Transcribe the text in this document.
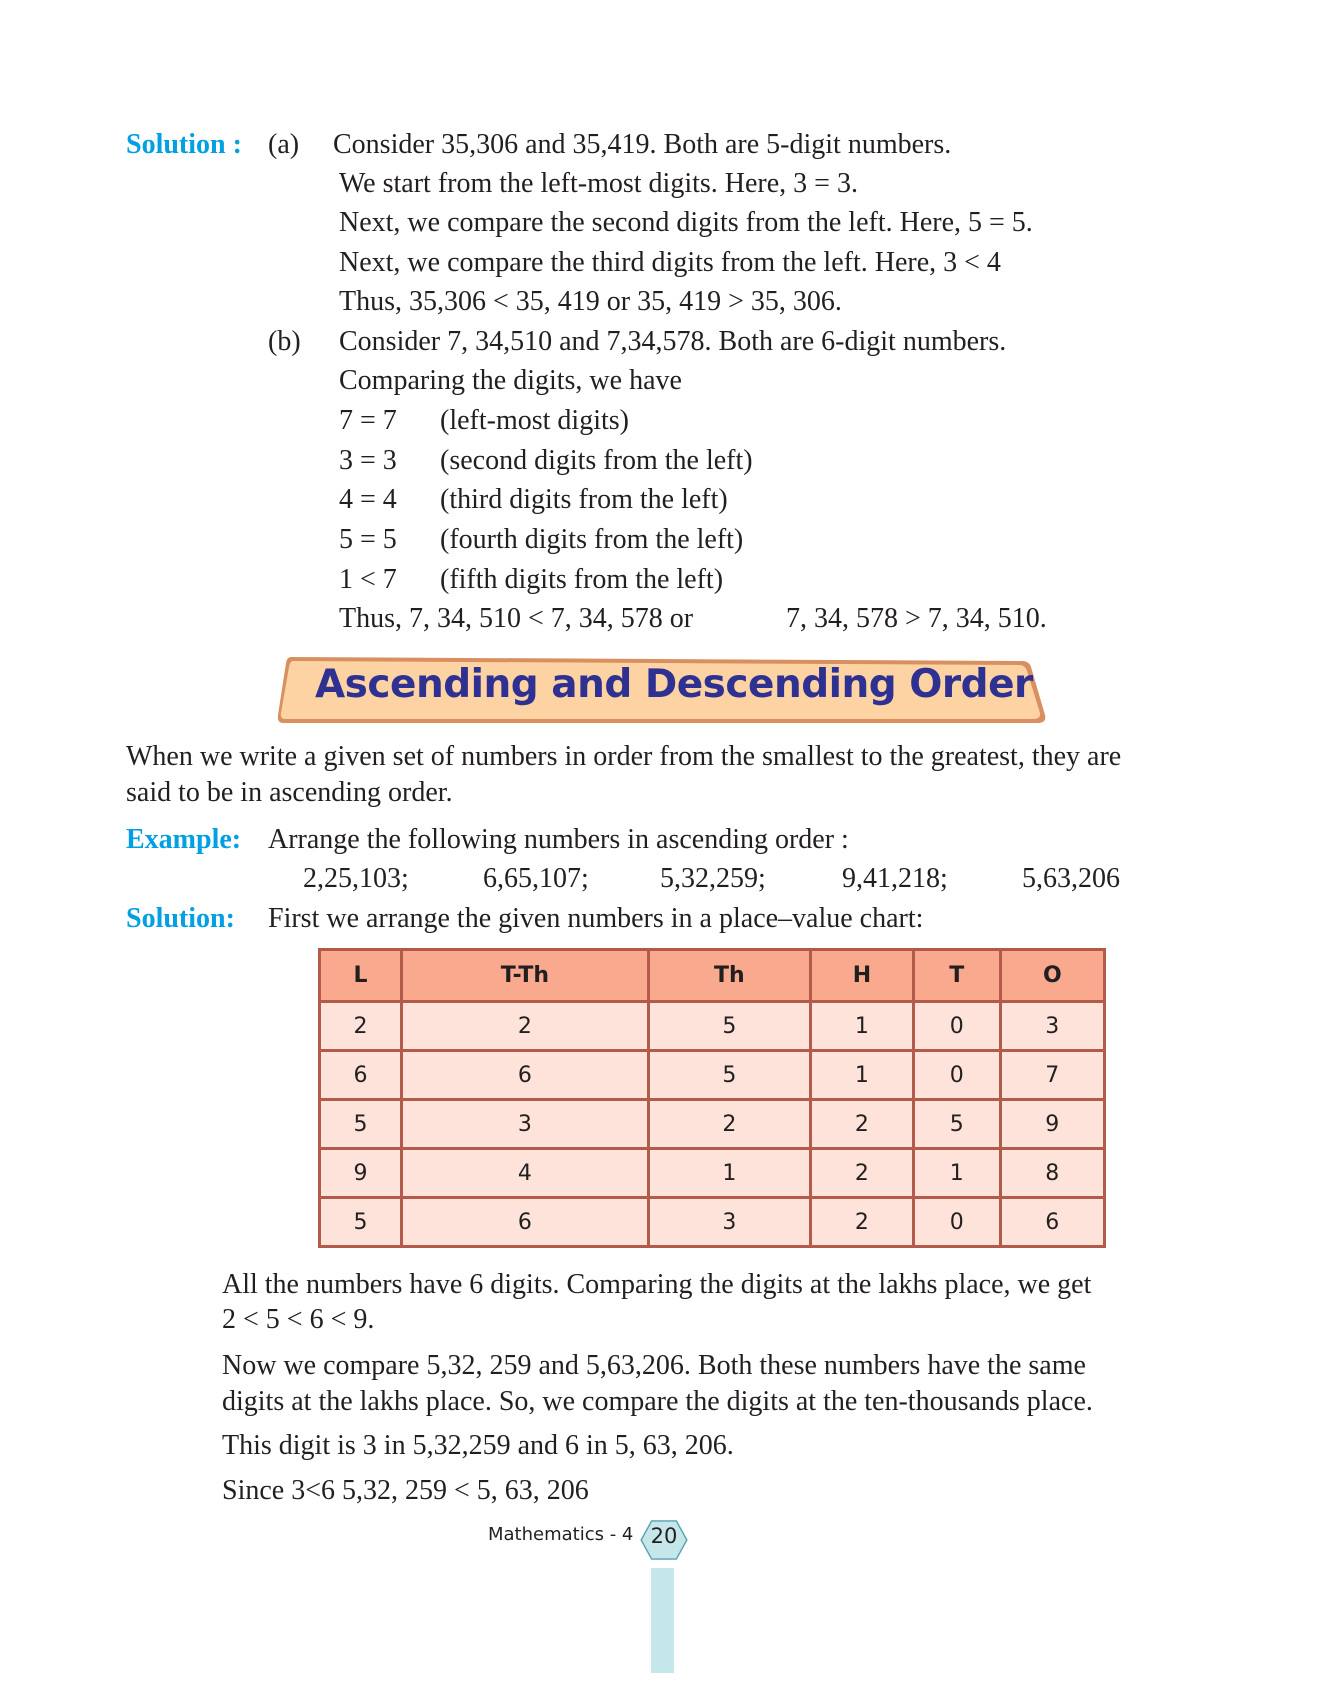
Solution : (a) Consider 35,306 and 35,419. Both are 5-digit numbers.
We start from the left-most digits. Here, 3 = 3.
Next, we compare the second digits from the left. Here, 5 = 5.
Next, we compare the third digits from the left. Here, 3 < 4
Thus, 35,306 < 35, 419 or 35, 419 > 35, 306.
(b) Consider 7, 34,510 and 7,34,578. Both are 6-digit numbers.
Comparing the digits, we have
7 = 7 (left-most digits)
3 = 3 (second digits from the left)
4 = 4 (third digits from the left)
5 = 5 (fourth digits from the left)
1 < 7 (fifth digits from the left)
Thus, 7, 34, 510 < 7, 34, 578 or	7, 34, 578 > 7, 34, 510.
Ascending and Descending Order
When we write a given set of numbers in order from the smallest to the greatest, they are
said to be in ascending order.
Example: Arrange the following numbers in ascending order :
2,25,103;	6,65,107;	5,32,259;	9,41,218;	5,63,206
Solution: First we arrange the given numbers in a place–value chart:
L	T-Th	Th	H	T	O
2	2	5	1	0	3
6	6	5	1	0	7
5	3	2	2	5	9
9	4	1	2	1	8
5	6	3	2	0	6
All the numbers have 6 digits. Comparing the digits at the lakhs place, we get
2 < 5 < 6 < 9.
Now we compare 5,32, 259 and 5,63,206. Both these numbers have the same
digits at the lakhs place. So, we compare the digits at the ten-thousands place.
This digit is 3 in 5,32,259 and 6 in 5, 63, 206.
Since 3<6 5,32, 259 < 5, 63, 206
Mathematics - 4 20
